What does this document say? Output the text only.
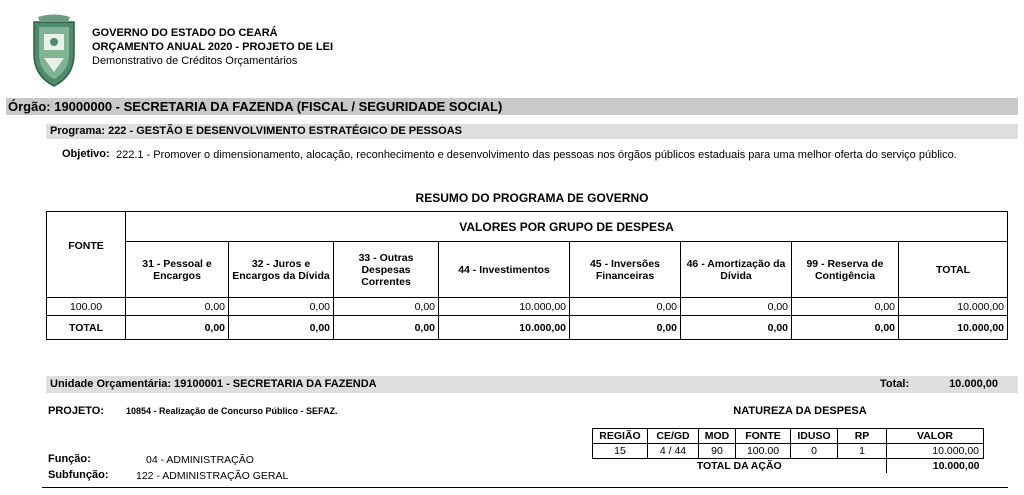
GOVERNO DO ESTADO DO CEARÁ
ORÇAMENTO ANUAL 2020 - PROJETO DE LEI
Demonstrativo de Créditos Orçamentários
Órgão: 19000000 - SECRETARIA DA FAZENDA (FISCAL / SEGURIDADE SOCIAL)
Programa: 222 - GESTÃO E DESENVOLVIMENTO ESTRATÉGICO DE PESSOAS
Objetivo: 222.1 - Promover o dimensionamento, alocação, reconhecimento e desenvolvimento das pessoas nos órgãos públicos estaduais para uma melhor oferta do serviço público.
RESUMO DO PROGRAMA DE GOVERNO
FONTE	VALORES POR GRUPO DE DESPESA							
	31 - Pessoal e Encargos	32 - Juros e Encargos da Dívida	33 - Outras Despesas Correntes	44 - Investimentos	45 - Inversões Financeiras	46 - Amortização da Dívida	99 - Reserva de Contigência	TOTAL
100.00	0,00	0,00	0,00	10.000,00	0,00	0,00	0,00	10.000,00
TOTAL	0,00	0,00	0,00	10.000,00	0,00	0,00	0,00	10.000,00
Unidade Orçamentária: 19100001 - SECRETARIA DA FAZENDA	Total:	10.000,00
PROJETO: 10854 - Realização de Concurso Público - SEFAZ.
Função:	04 - ADMINISTRAÇÃO
Subfunção:	122 - ADMINISTRAÇÃO GERAL
NATUREZA DA DESPESA
REGIÃO	CE/GD	MOD	FONTE	IDUSO	RP	VALOR
15	4 / 44	90	100.00	0	1	10.000,00
TOTAL DA AÇÃO						10.000,00
